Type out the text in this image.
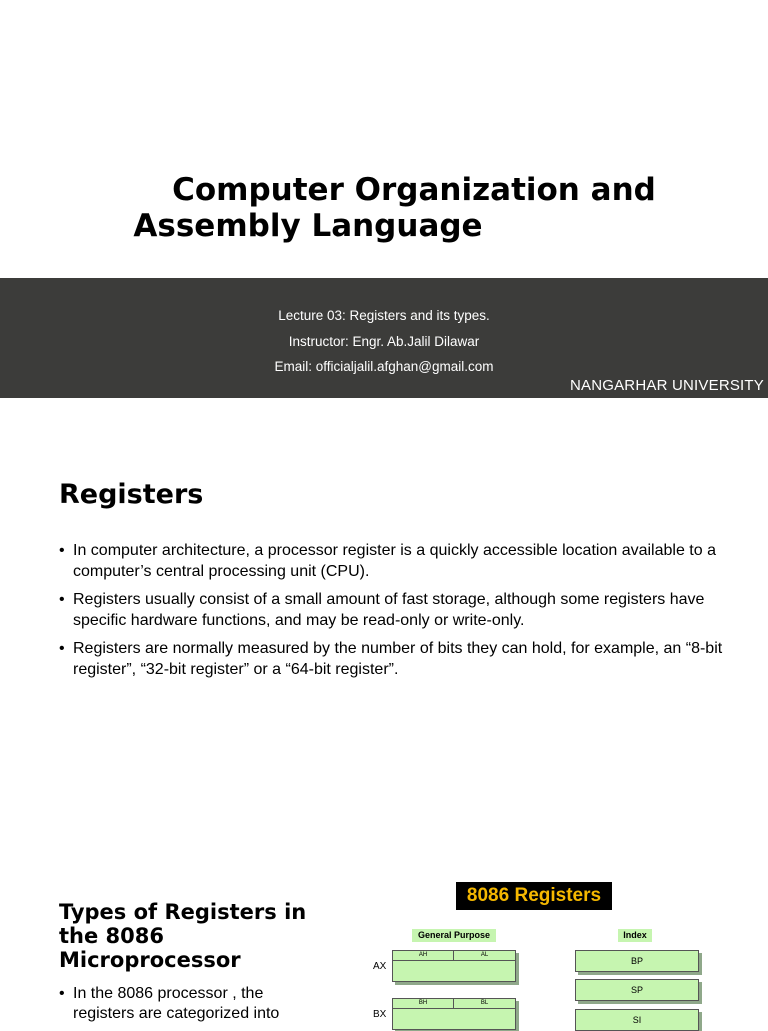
Computer Organization and
Assembly Language
Lecture 03: Registers and its types.
Instructor: Engr. Ab.Jalil Dilawar
Email: officialjalil.afghan@gmail.com
NANGARHAR UNIVERSITY
Registers
• In computer architecture, a processor register is a quickly accessible location available to a computer’s central processing unit (CPU).
• Registers usually consist of a small amount of fast storage, although some registers have specific hardware functions, and may be read-only or write-only.
• Registers are normally measured by the number of bits they can hold, for example, an “8-bit register”, “32-bit register” or a “64-bit register”.
Types of Registers in the 8086 Microprocessor
• In the 8086 processor , the registers are categorized into
8086 Registers
General Purpose	Index
AX
AH	AL
BX
BH	BL
BP
SP
SI
